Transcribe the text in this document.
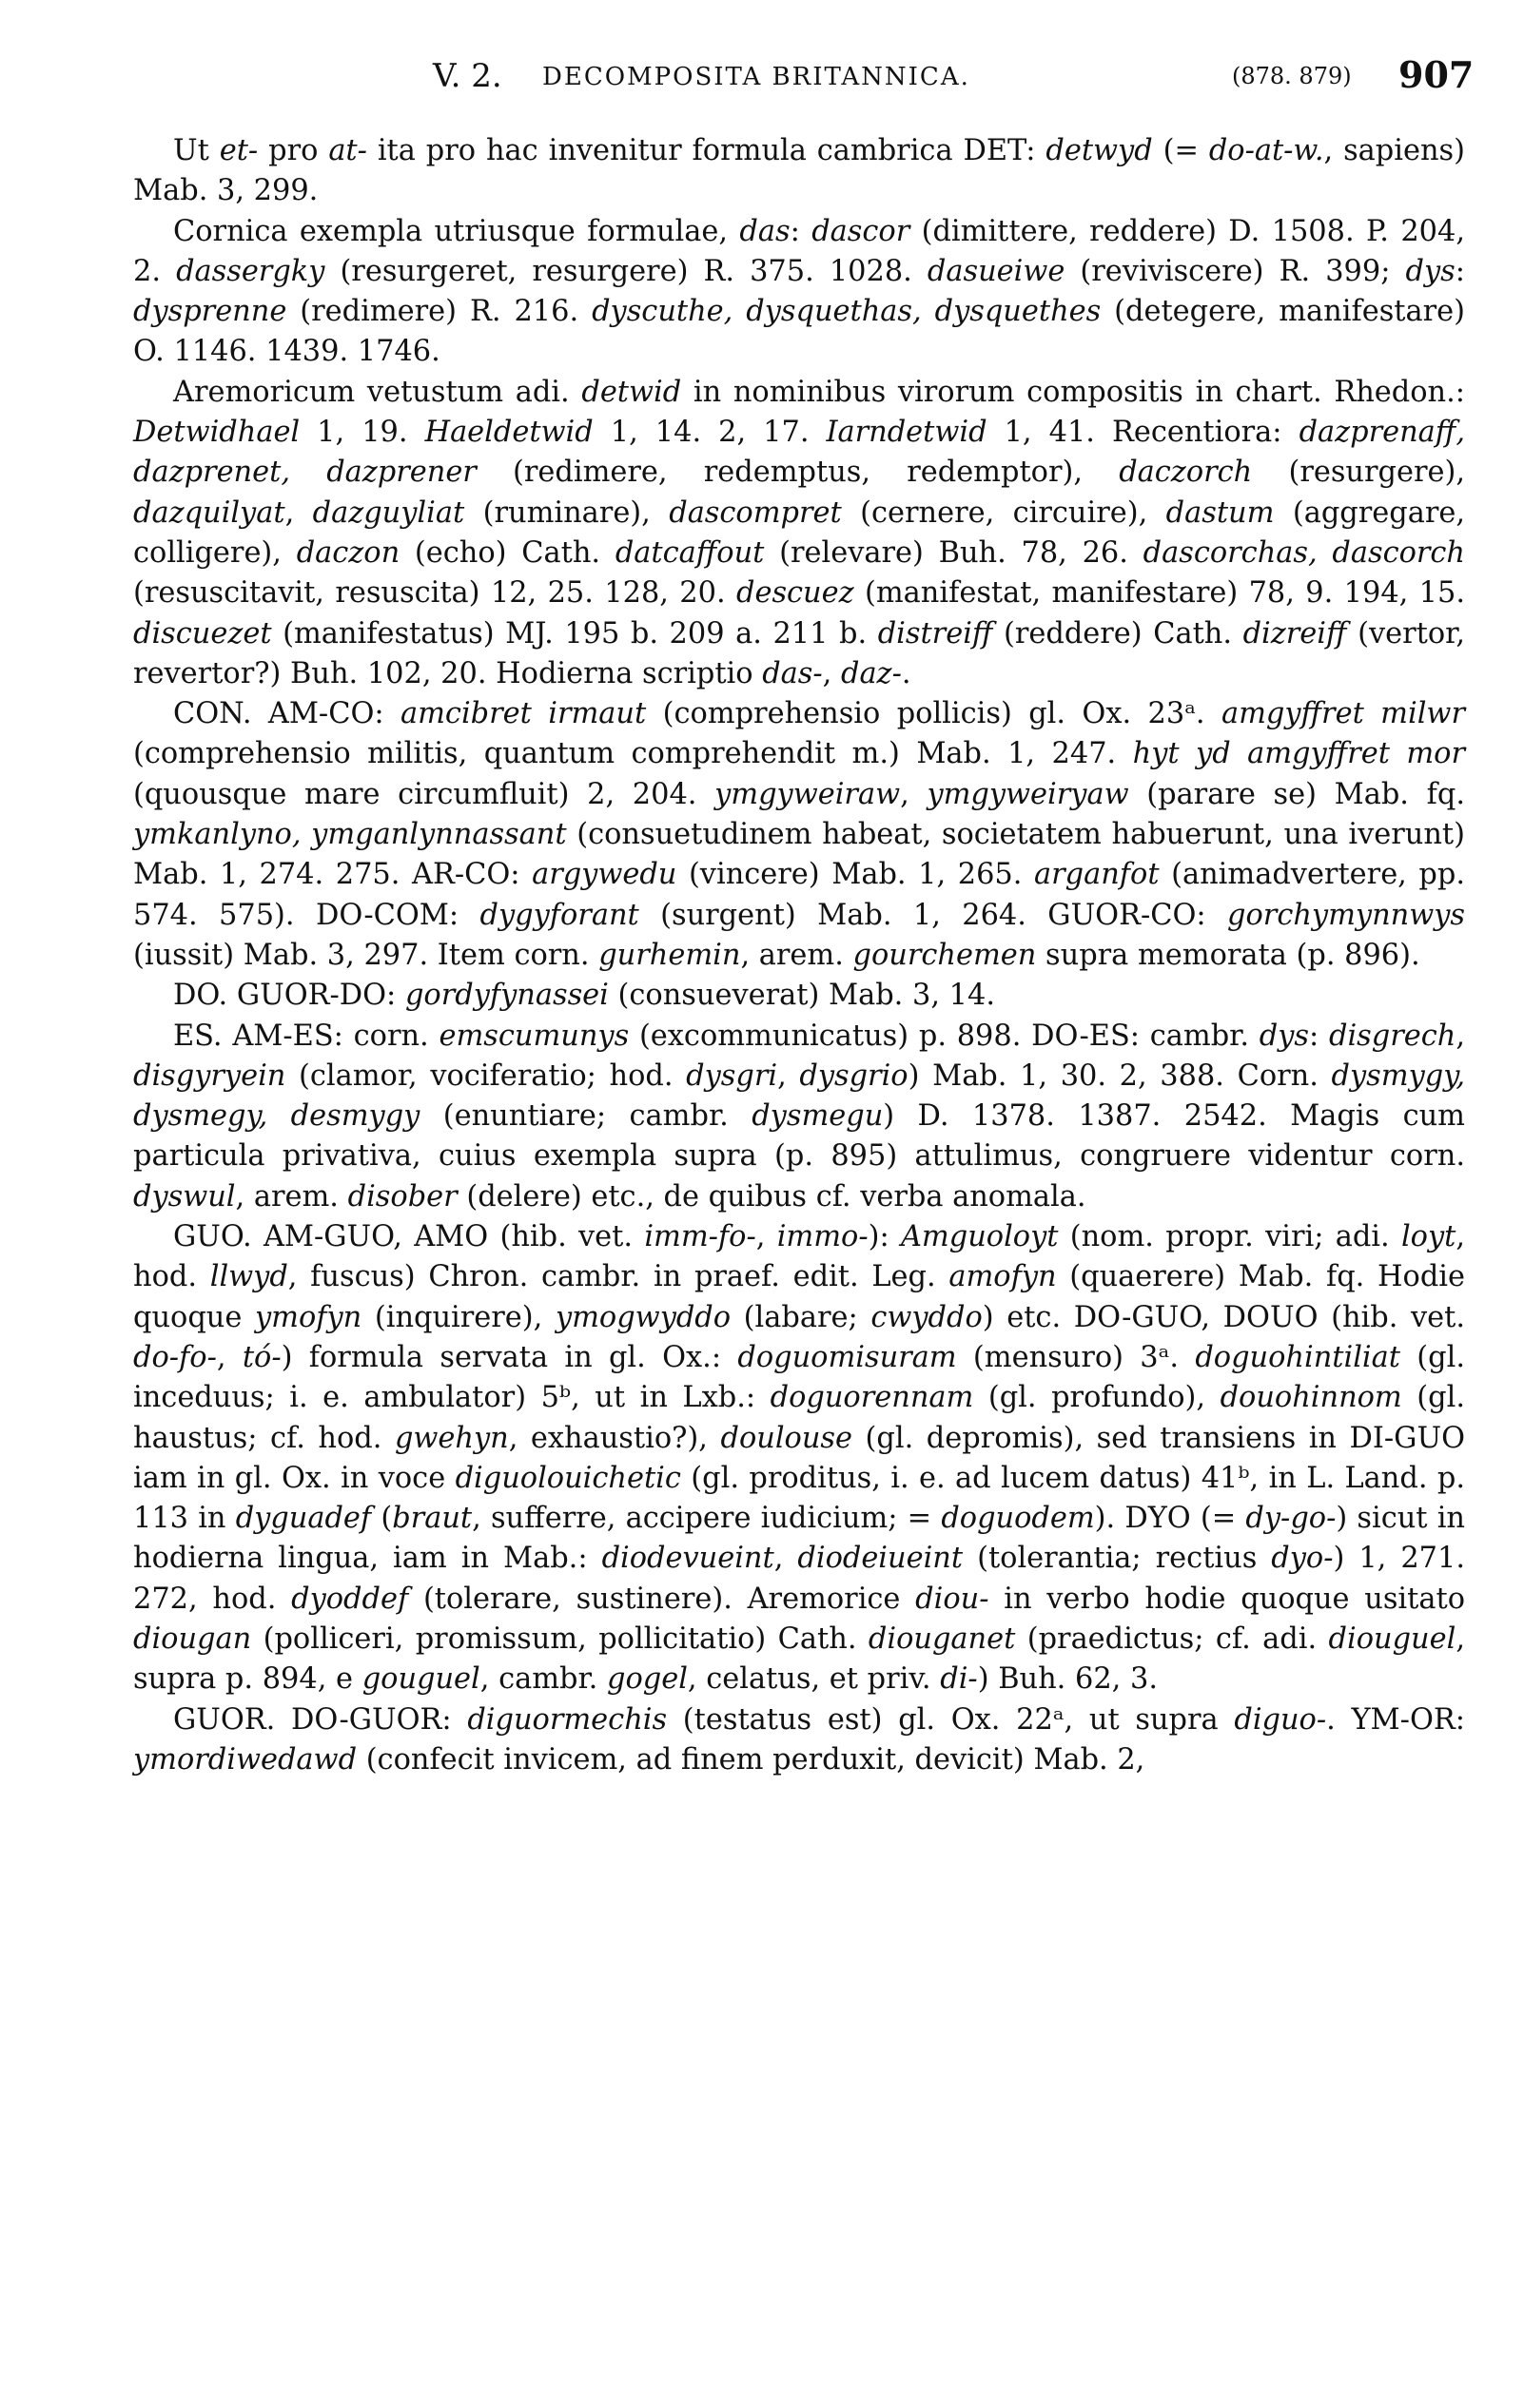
V. 2. DECOMPOSITA BRITANNICA.	(878. 879) 907

Ut et- pro at- ita pro hac invenitur formula cambrica DET: detwyd (= do-at-w., sapiens) Mab. 3, 299.

Cornica exempla utriusque formulae, das: dascor (dimittere, reddere) D. 1508. P. 204, 2. dassergky (resurgeret, resurgere) R. 375. 1028. dasueiwe (reviviscere) R. 399; dys: dysprenne (redimere) R. 216. dyscuthe, dysquethas, dysquethes (detegere, manifestare) O. 1146. 1439. 1746.

Aremoricum vetustum adi. detwid in nominibus virorum compositis in chart. Rhedon.: Detwidhael 1, 19. Haeldetwid 1, 14. 2, 17. Iarndetwid 1, 41. Recentiora: dazprenaff, dazprenet, dazprener (redimere, redemptus, redemptor), daczorch (resurgere), dazquilyat, dazguyliat (ruminare), dascompret (cernere, circuire), dastum (aggregare, colligere), daczon (echo) Cath. datcaffout (relevare) Buh. 78, 26. dascorchas, dascorch (resuscitavit, resuscita) 12, 25. 128, 20. descuez (manifestat, manifestare) 78, 9. 194, 15. discuezet (manifestatus) MJ. 195 b. 209 a. 211 b. distreiff (reddere) Cath. dizreiff (vertor, revertor?) Buh. 102, 20. Hodierna scriptio das-, daz-.

CON. AM-CO: amcibret irmaut (comprehensio pollicis) gl. Ox. 23ᵃ. amgyffret milwr (comprehensio militis, quantum comprehendit m.) Mab. 1, 247. hyt yd amgyffret mor (quousque mare circumfluit) 2, 204. ymgyweiraw, ymgyweiryaw (parare se) Mab. fq. ymkanlyno, ymganlynnassant (consuetudinem habeat, societatem habuerunt, una iverunt) Mab. 1, 274. 275. AR-CO: argywedu (vincere) Mab. 1, 265. arganfot (animadvertere, pp. 574. 575). DO-COM: dygyforant (surgent) Mab. 1, 264. GUOR-CO: gorchymynnwys (iussit) Mab. 3, 297. Item corn. gurhemin, arem. gourchemen supra memorata (p. 896).

DO. GUOR-DO: gordyfynassei (consueverat) Mab. 3, 14.

ES. AM-ES: corn. emscumunys (excommunicatus) p. 898. DO-ES: cambr. dys: disgrech, disgyryein (clamor, vociferatio; hod. dysgri, dysgrio) Mab. 1, 30. 2, 388. Corn. dysmygy, dysmegy, desmygy (enuntiare; cambr. dysmegu) D. 1378. 1387. 2542. Magis cum particula privativa, cuius exempla supra (p. 895) attulimus, congruere videntur corn. dyswul, arem. disober (delere) etc., de quibus cf. verba anomala.

GUO. AM-GUO, AMO (hib. vet. imm-fo-, immo-): Amguoloyt (nom. propr. viri; adi. loyt, hod. llwyd, fuscus) Chron. cambr. in praef. edit. Leg. amofyn (quaerere) Mab. fq. Hodie quoque ymofyn (inquirere), ymogwyddo (labare; cwyddo) etc. DO-GUO, DOUO (hib. vet. do-fo-, tó-) formula servata in gl. Ox.: doguomisuram (mensuro) 3ᵃ. doguohintiliat (gl. inceduus; i. e. ambulator) 5ᵇ, ut in Lxb.: doguorennam (gl. profundo), douohinnom (gl. haustus; cf. hod. gwehyn, exhaustio?), doulouse (gl. depromis), sed transiens in DI-GUO iam in gl. Ox. in voce diguolouichetic (gl. proditus, i. e. ad lucem datus) 41ᵇ, in L. Land. p. 113 in dyguadef (braut, sufferre, accipere iudicium; = doguodem). DYO (= dy-go-) sicut in hodierna lingua, iam in Mab.: diodevueint, diodeiueint (tolerantia; rectius dyo-) 1, 271. 272, hod. dyoddef (tolerare, sustinere). Aremorice diou- in verbo hodie quoque usitato diougan (polliceri, promissum, pollicitatio) Cath. diouganet (praedictus; cf. adi. diouguel, supra p. 894, e gouguel, cambr. gogel, celatus, et priv. di-) Buh. 62, 3.

GUOR. DO-GUOR: diguormechis (testatus est) gl. Ox. 22ᵃ, ut supra diguo-. YM-OR: ymordiwedawd (confecit invicem, ad finem perduxit, devicit) Mab. 2,
